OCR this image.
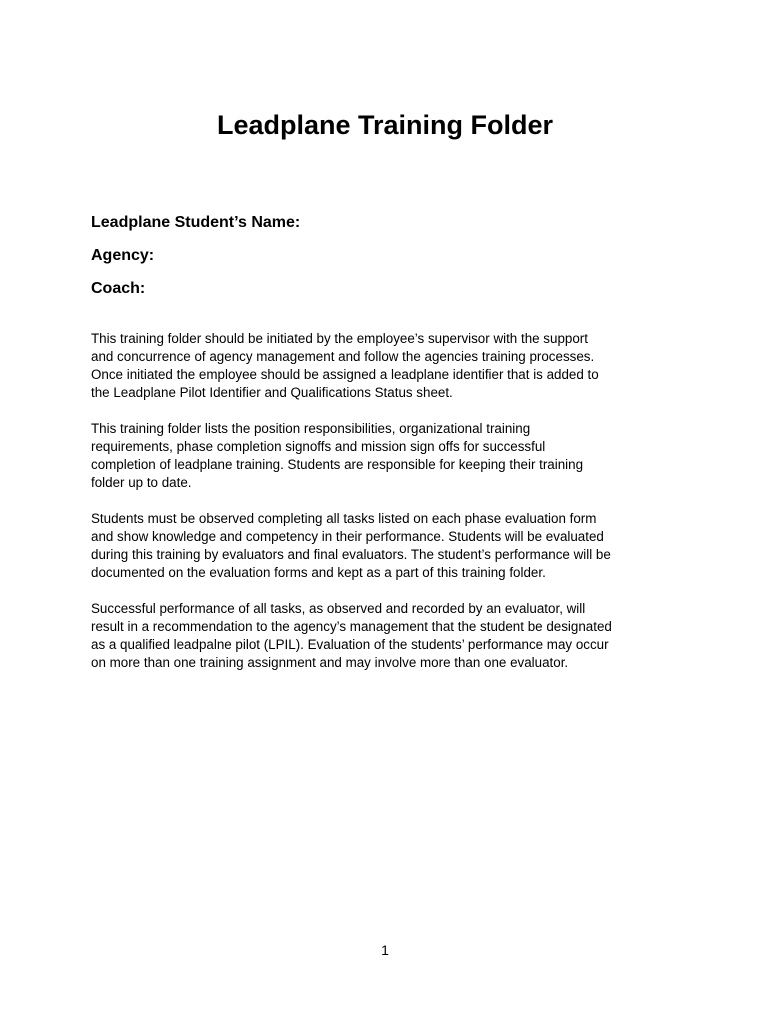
Leadplane Training Folder
Leadplane Student’s Name:
Agency:
Coach:

This training folder should be initiated by the employee’s supervisor with the support
and concurrence of agency management and follow the agencies training processes.
Once initiated the employee should be assigned a leadplane identifier that is added to
the Leadplane Pilot Identifier and Qualifications Status sheet.

This training folder lists the position responsibilities, organizational training
requirements, phase completion signoffs and mission sign offs for successful
completion of leadplane training. Students are responsible for keeping their training
folder up to date.

Students must be observed completing all tasks listed on each phase evaluation form
and show knowledge and competency in their performance. Students will be evaluated
during this training by evaluators and final evaluators. The student’s performance will be
documented on the evaluation forms and kept as a part of this training folder.

Successful performance of all tasks, as observed and recorded by an evaluator, will
result in a recommendation to the agency’s management that the student be designated
as a qualified leadpalne pilot (LPIL). Evaluation of the students’ performance may occur
on more than one training assignment and may involve more than one evaluator.

1
